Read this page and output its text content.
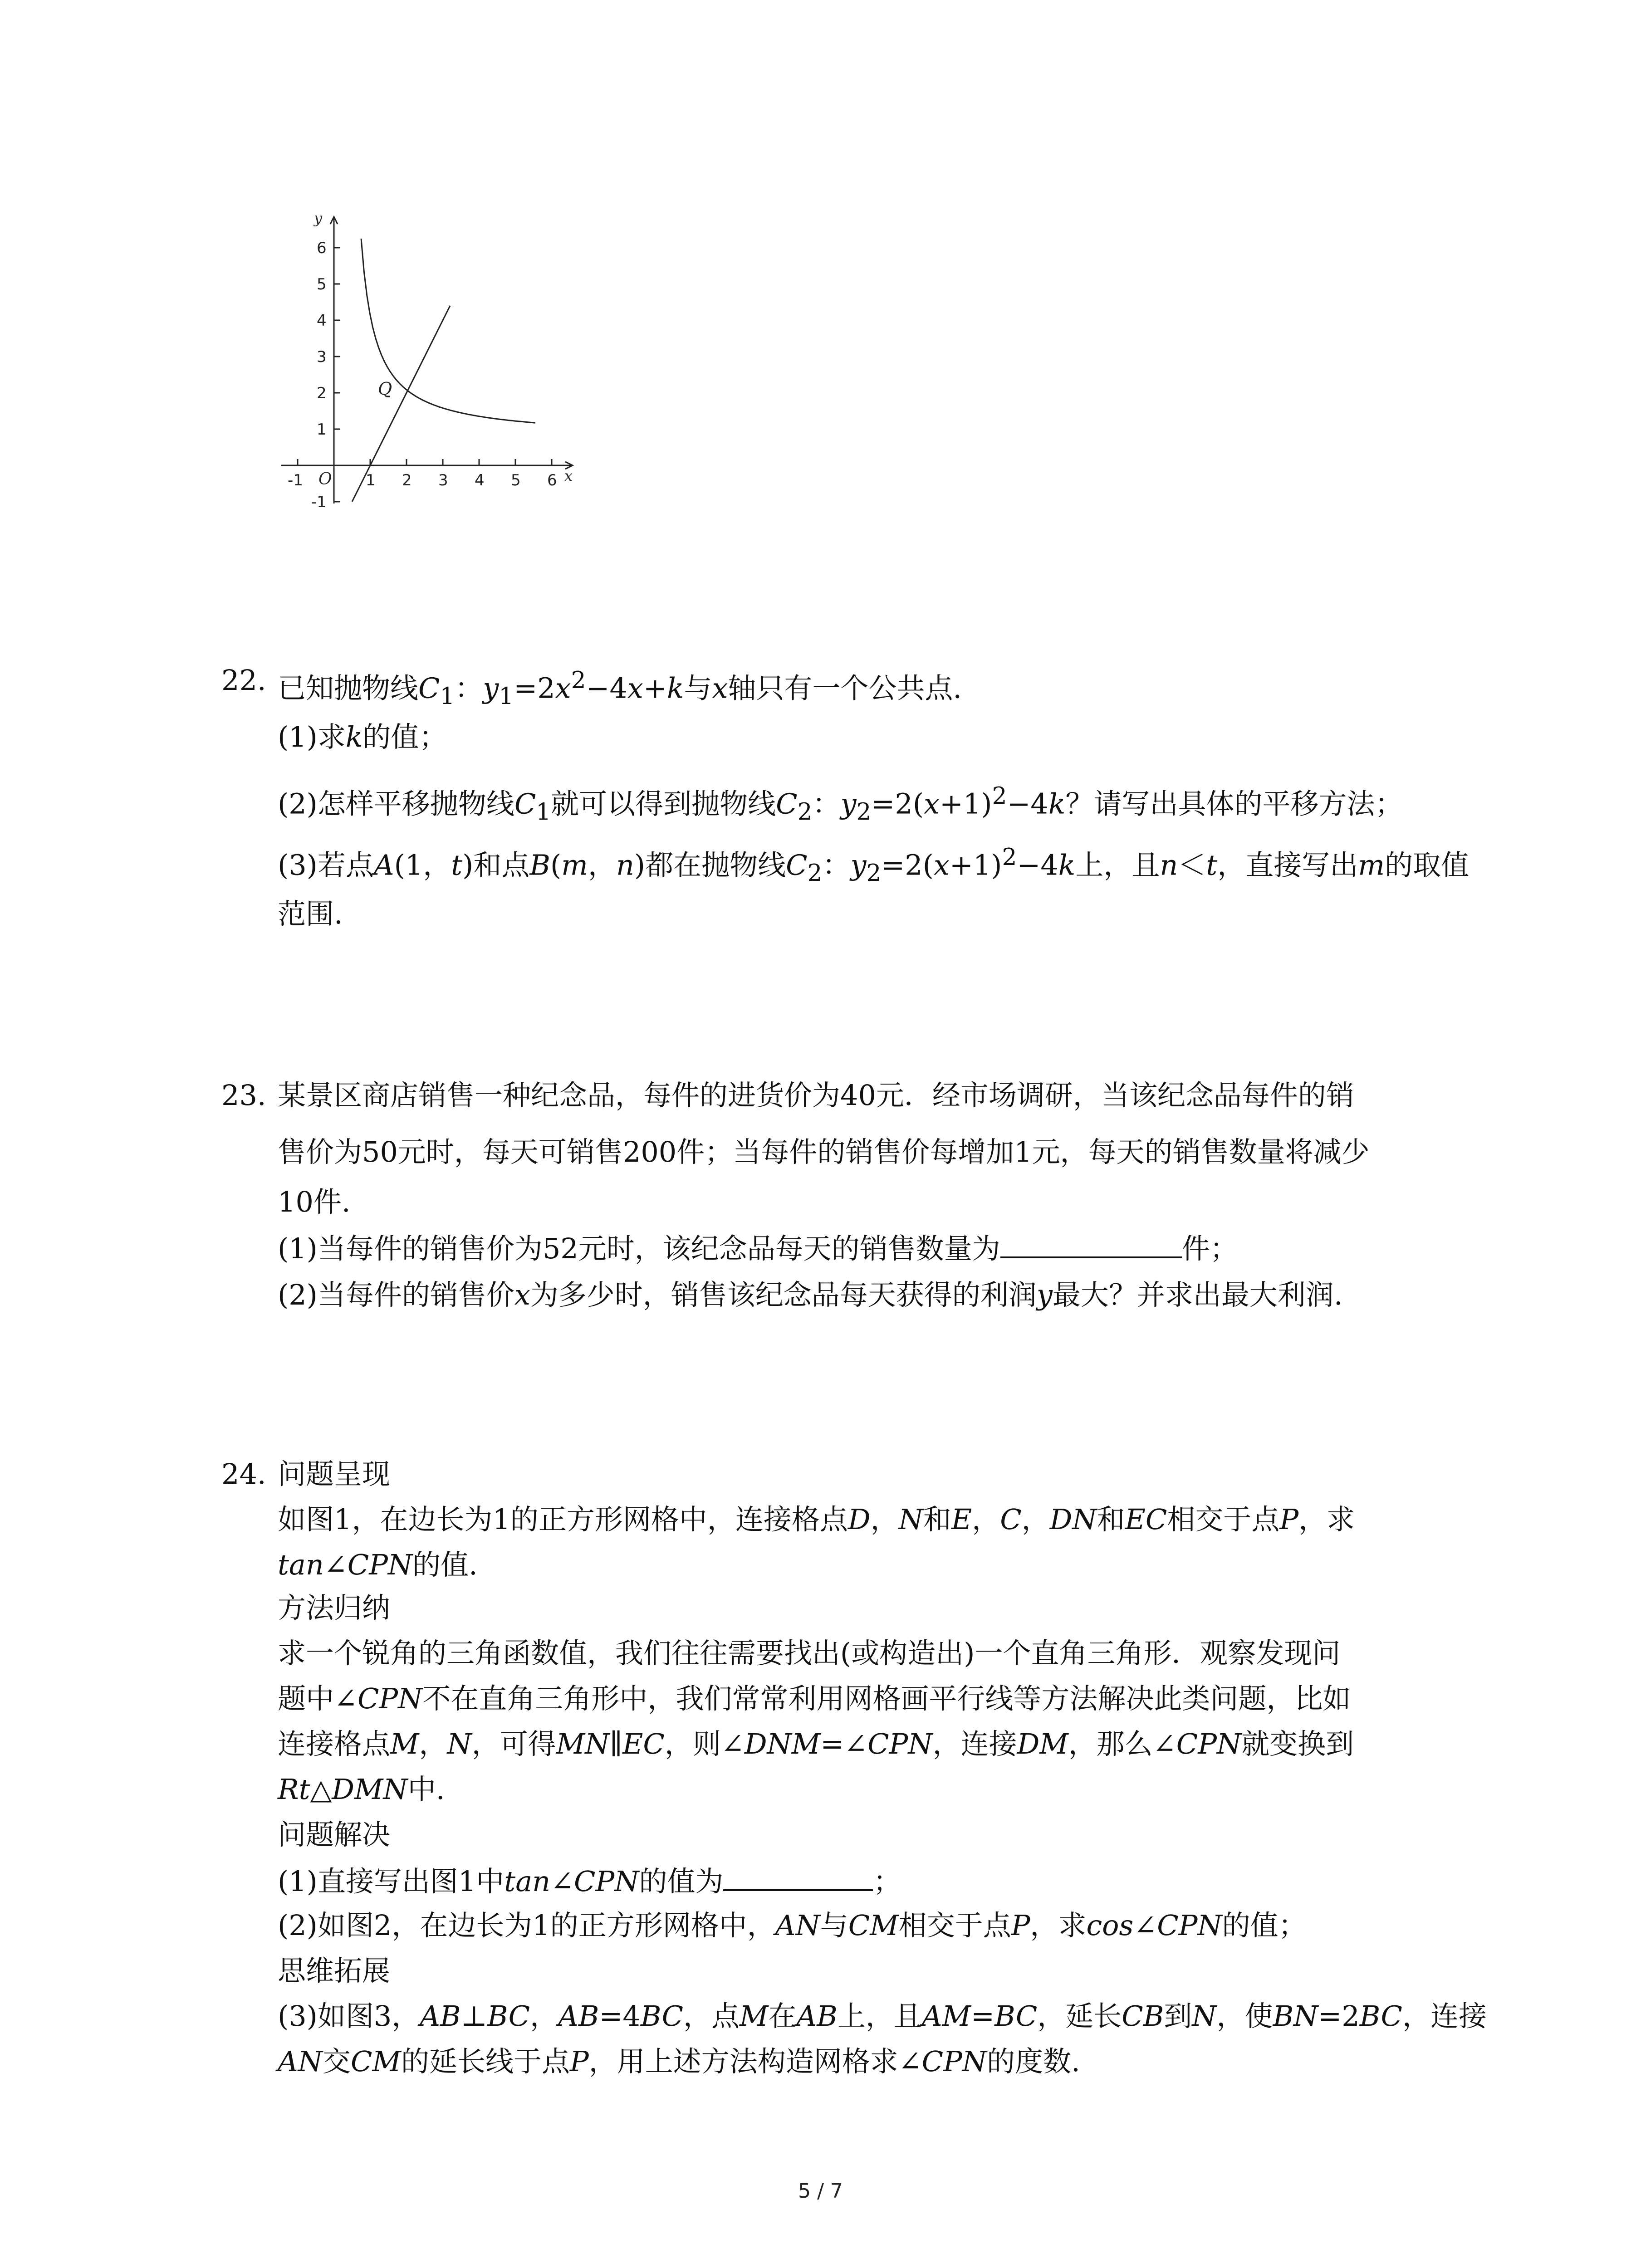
6
5
4
3
2
1
-1
-1	1 2 3 4 5 6
y
x
O
Q
22. 已知抛物线$C_1$：$y_1=2x^2-4x+k$与x轴只有一个公共点.
(1)求k的值；
(2)怎样平移抛物线$C_1$就可以得到抛物线$C_2$：$y_2=2(x+1)^2-4k$？请写出具体的平移方法；
(3)若点A(1，t)和点B(m，n)都在抛物线$C_2$：$y_2=2(x+1)^2-4k$上，且n＜t，直接写出m的取值
范围.
23. 某景区商店销售一种纪念品，每件的进货价为40元．经市场调研，当该纪念品每件的销
售价为50元时，每天可销售200件；当每件的销售价每增加1元，每天的销售数量将减少
10件.
(1)当每件的销售价为52元时，该纪念品每天的销售数量为	件；
(2)当每件的销售价x为多少时，销售该纪念品每天获得的利润y最大？并求出最大利润.
24. 问题呈现
如图1，在边长为1的正方形网格中，连接格点D，N和E，C，DN和EC相交于点P，求
tan∠CPN的值.
方法归纳
求一个锐角的三角函数值，我们往往需要找出(或构造出)一个直角三角形．观察发现问
题中∠CPN不在直角三角形中，我们常常利用网格画平行线等方法解决此类问题，比如
连接格点M，N，可得MN∥EC，则∠DNM=∠CPN，连接DM，那么∠CPN就变换到
Rt△DMN中.
问题解决
(1)直接写出图1中tan∠CPN的值为	；
(2)如图2，在边长为1的正方形网格中，AN与CM相交于点P，求cos∠CPN的值；
思维拓展
(3)如图3，AB⊥BC，AB=4BC，点M在AB上，且AM=BC，延长CB到N，使BN=2BC，连接
AN交CM的延长线于点P，用上述方法构造网格求∠CPN的度数.
5 / 7
